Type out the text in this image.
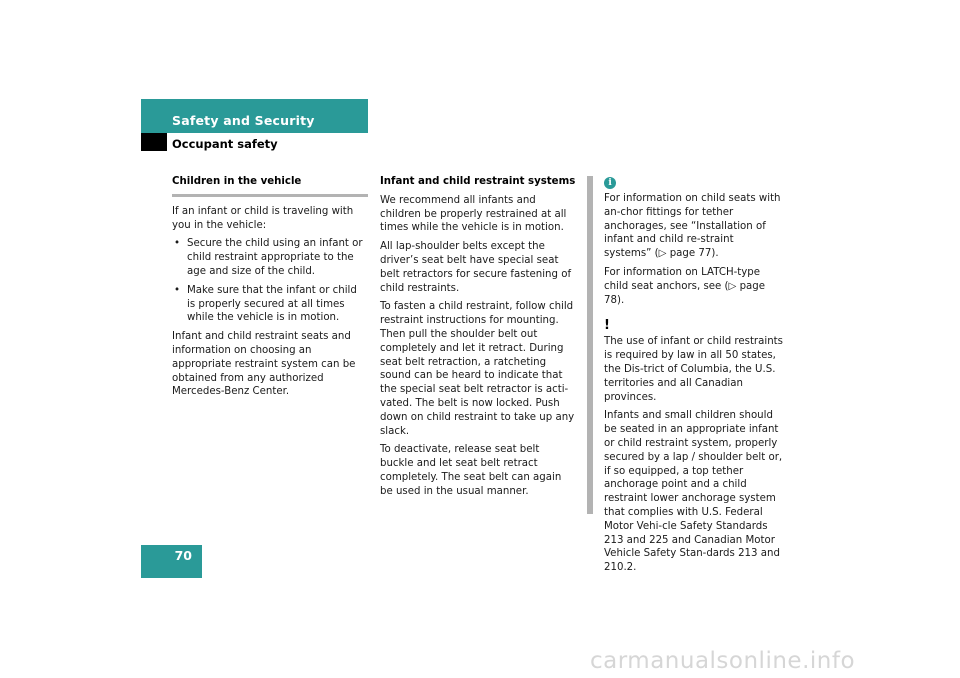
Safety and Security
Occupant safety
Children in the vehicle

If an infant or child is traveling with you in the vehicle:

• Secure the child using an infant or child restraint appropriate to the age and size of the child.
• Make sure that the infant or child is properly secured at all times while the vehicle is in motion.

Infant and child restraint seats and information on choosing an appropriate restraint system can be obtained from any authorized Mercedes-Benz Center.

Infant and child restraint systems

We recommend all infants and children be properly restrained at all times while the vehicle is in motion.

All lap-shoulder belts except the driver’s seat belt have special seat belt retractors for secure fastening of child restraints.

To fasten a child restraint, follow child restraint instructions for mounting. Then pull the shoulder belt out completely and let it retract. During seat belt retraction, a ratcheting sound can be heard to indicate that the special seat belt retractor is acti-vated. The belt is now locked. Push down on child restraint to take up any slack.

To deactivate, release seat belt buckle and let seat belt retract completely. The seat belt can again be used in the usual manner.

i

For information on child seats with an-chor fittings for tether anchorages, see “Installation of infant and child re-straint systems” (▷ page 77).

For information on LATCH-type child seat anchors, see (▷ page 78).

!

The use of infant or child restraints is required by law in all 50 states, the Dis-trict of Columbia, the U.S. territories and all Canadian provinces.

Infants and small children should be seated in an appropriate infant or child restraint system, properly secured by a lap / shoulder belt or, if so equipped, a top tether anchorage point and a child restraint lower anchorage system that complies with U.S. Federal Motor Vehi-cle Safety Standards 213 and 225 and Canadian Motor Vehicle Safety Stan-dards 213 and 210.2.

70
carmanualsonline.info
